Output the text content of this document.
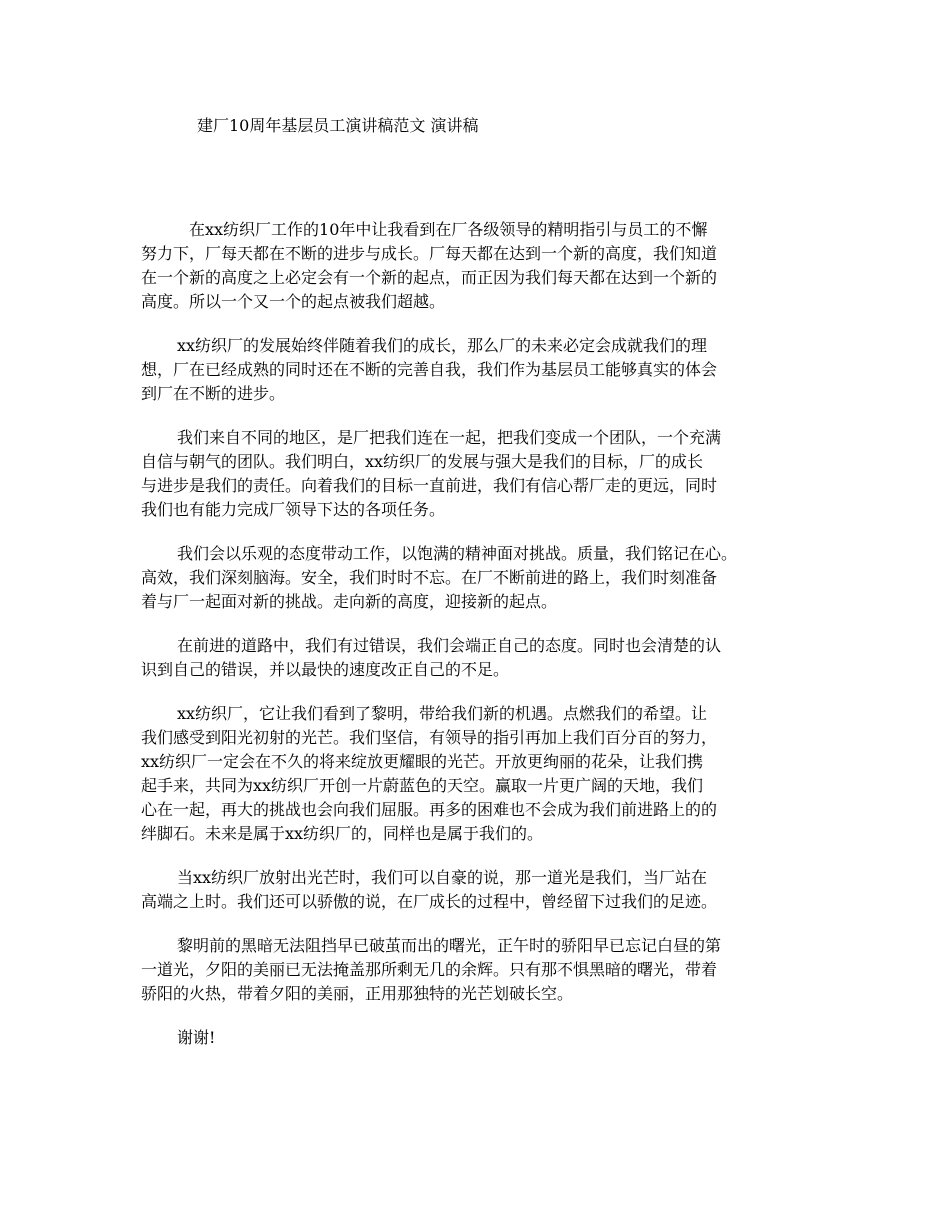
建厂10周年基层员工演讲稿范文 演讲稿

在xx纺织厂工作的10年中让我看到在厂各级领导的精明指引与员工的不懈
努力下，厂每天都在不断的进步与成长。厂每天都在达到一个新的高度，我们知道
在一个新的高度之上必定会有一个新的起点，而正因为我们每天都在达到一个新的
高度。所以一个又一个的起点被我们超越。

xx纺织厂的发展始终伴随着我们的成长，那么厂的未来必定会成就我们的理
想，厂在已经成熟的同时还在不断的完善自我，我们作为基层员工能够真实的体会
到厂在不断的进步。

我们来自不同的地区，是厂把我们连在一起，把我们变成一个团队，一个充满
自信与朝气的团队。我们明白，xx纺织厂的发展与强大是我们的目标，厂的成长
与进步是我们的责任。向着我们的目标一直前进，我们有信心帮厂走的更远，同时
我们也有能力完成厂领导下达的各项任务。

我们会以乐观的态度带动工作，以饱满的精神面对挑战。质量，我们铭记在心。
高效，我们深刻脑海。安全，我们时时不忘。在厂不断前进的路上，我们时刻准备
着与厂一起面对新的挑战。走向新的高度，迎接新的起点。

在前进的道路中，我们有过错误，我们会端正自己的态度。同时也会清楚的认
识到自己的错误，并以最快的速度改正自己的不足。

xx纺织厂，它让我们看到了黎明，带给我们新的机遇。点燃我们的希望。让
我们感受到阳光初射的光芒。我们坚信，有领导的指引再加上我们百分百的努力，
xx纺织厂一定会在不久的将来绽放更耀眼的光芒。开放更绚丽的花朵，让我们携
起手来，共同为xx纺织厂开创一片蔚蓝色的天空。赢取一片更广阔的天地，我们
心在一起，再大的挑战也会向我们屈服。再多的困难也不会成为我们前进路上的的
绊脚石。未来是属于xx纺织厂的，同样也是属于我们的。

当xx纺织厂放射出光芒时，我们可以自豪的说，那一道光是我们，当厂站在
高端之上时。我们还可以骄傲的说，在厂成长的过程中，曾经留下过我们的足迹。

黎明前的黑暗无法阻挡早已破茧而出的曙光，正午时的骄阳早已忘记白昼的第
一道光，夕阳的美丽已无法掩盖那所剩无几的余辉。只有那不惧黑暗的曙光，带着
骄阳的火热，带着夕阳的美丽，正用那独特的光芒划破长空。

谢谢!
